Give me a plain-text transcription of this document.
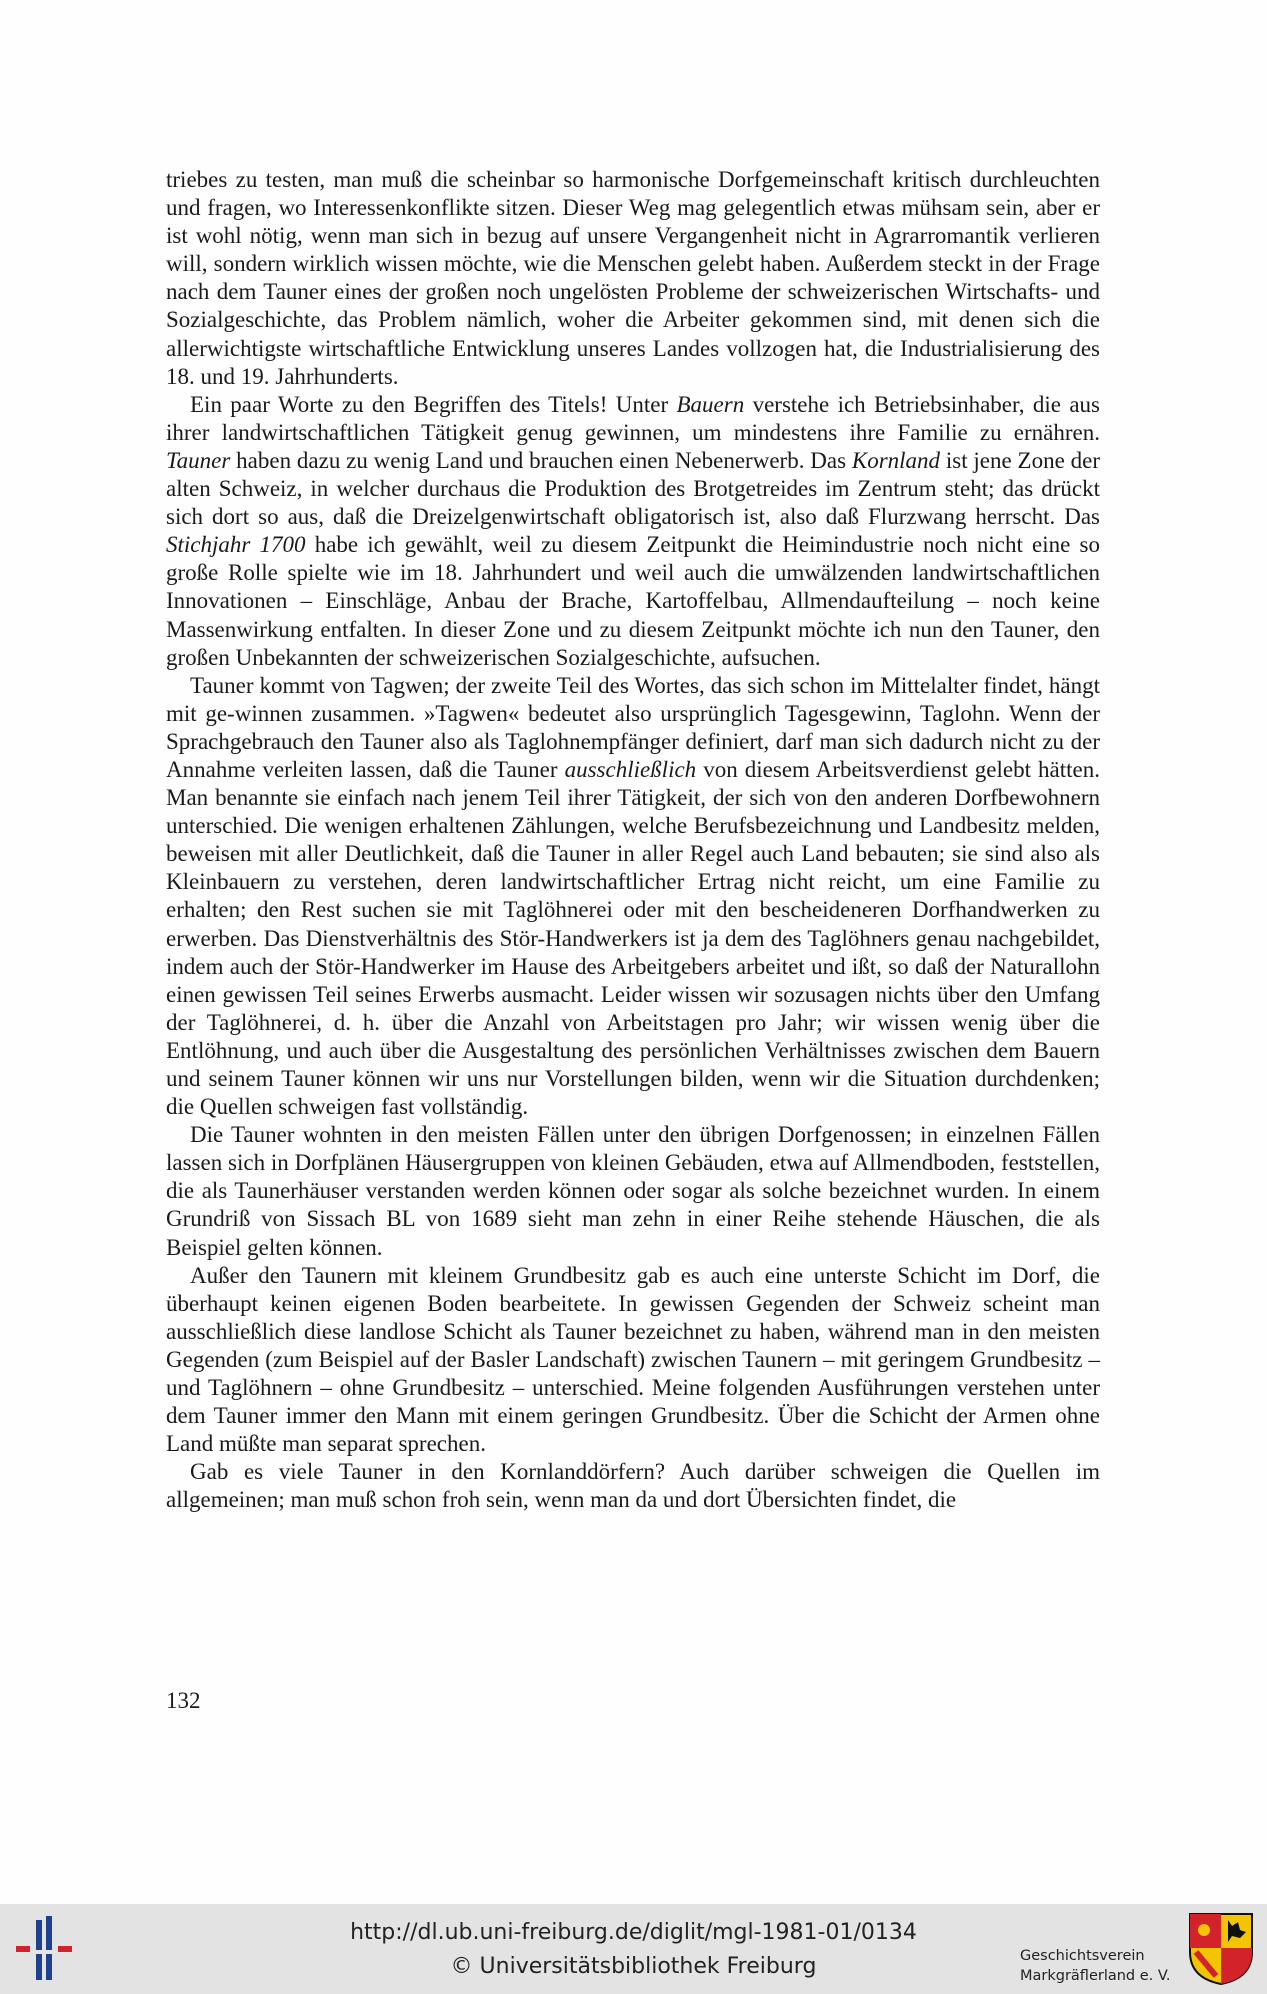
triebes zu testen, man muß die scheinbar so harmonische Dorfgemeinschaft kritisch durchleuchten und fragen, wo Interessenkonflikte sitzen. Dieser Weg mag gelegentlich etwas mühsam sein, aber er ist wohl nötig, wenn man sich in bezug auf unsere Vergangenheit nicht in Agrarromantik verlieren will, sondern wirklich wissen möchte, wie die Menschen gelebt haben. Außerdem steckt in der Frage nach dem Tauner eines der großen noch ungelösten Probleme der schweizerischen Wirtschafts- und Sozialgeschichte, das Problem nämlich, woher die Arbeiter gekommen sind, mit denen sich die allerwichtigste wirtschaftliche Entwicklung unseres Landes vollzogen hat, die Industrialisierung des 18. und 19. Jahrhunderts.

Ein paar Worte zu den Begriffen des Titels! Unter Bauern verstehe ich Betriebsinhaber, die aus ihrer landwirtschaftlichen Tätigkeit genug gewinnen, um mindestens ihre Familie zu ernähren. Tauner haben dazu zu wenig Land und brauchen einen Nebenerwerb. Das Kornland ist jene Zone der alten Schweiz, in welcher durchaus die Produktion des Brotgetreides im Zentrum steht; das drückt sich dort so aus, daß die Dreizelgenwirtschaft obligatorisch ist, also daß Flurzwang herrscht. Das Stichjahr 1700 habe ich gewählt, weil zu diesem Zeitpunkt die Heimindustrie noch nicht eine so große Rolle spielte wie im 18. Jahrhundert und weil auch die umwälzenden landwirtschaftlichen Innovationen – Einschläge, Anbau der Brache, Kartoffelbau, Allmendaufteilung – noch keine Massenwirkung entfalten. In dieser Zone und zu diesem Zeitpunkt möchte ich nun den Tauner, den großen Unbekannten der schweizerischen Sozialgeschichte, aufsuchen.

Tauner kommt von Tagwen; der zweite Teil des Wortes, das sich schon im Mittelalter findet, hängt mit ge-winnen zusammen. »Tagwen« bedeutet also ursprünglich Tagesgewinn, Taglohn. Wenn der Sprachgebrauch den Tauner also als Taglohnempfänger definiert, darf man sich dadurch nicht zu der Annahme verleiten lassen, daß die Tauner ausschließlich von diesem Arbeitsverdienst gelebt hätten. Man benannte sie einfach nach jenem Teil ihrer Tätigkeit, der sich von den anderen Dorfbewohnern unterschied. Die wenigen erhaltenen Zählungen, welche Berufsbezeichnung und Landbesitz melden, beweisen mit aller Deutlichkeit, daß die Tauner in aller Regel auch Land bebauten; sie sind also als Kleinbauern zu verstehen, deren landwirtschaftlicher Ertrag nicht reicht, um eine Familie zu erhalten; den Rest suchen sie mit Taglöhnerei oder mit den bescheideneren Dorfhandwerken zu erwerben. Das Dienstverhältnis des Stör-Handwerkers ist ja dem des Taglöhners genau nachgebildet, indem auch der Stör-Handwerker im Hause des Arbeitgebers arbeitet und ißt, so daß der Naturallohn einen gewissen Teil seines Erwerbs ausmacht. Leider wissen wir sozusagen nichts über den Umfang der Taglöhnerei, d. h. über die Anzahl von Arbeitstagen pro Jahr; wir wissen wenig über die Entlöhnung, und auch über die Ausgestaltung des persönlichen Verhältnisses zwischen dem Bauern und seinem Tauner können wir uns nur Vorstellungen bilden, wenn wir die Situation durchdenken; die Quellen schweigen fast vollständig.

Die Tauner wohnten in den meisten Fällen unter den übrigen Dorfgenossen; in einzelnen Fällen lassen sich in Dorfplänen Häusergruppen von kleinen Gebäuden, etwa auf Allmendboden, feststellen, die als Taunerhäuser verstanden werden können oder sogar als solche bezeichnet wurden. In einem Grundriß von Sissach BL von 1689 sieht man zehn in einer Reihe stehende Häuschen, die als Beispiel gelten können.

Außer den Taunern mit kleinem Grundbesitz gab es auch eine unterste Schicht im Dorf, die überhaupt keinen eigenen Boden bearbeitete. In gewissen Gegenden der Schweiz scheint man ausschließlich diese landlose Schicht als Tauner bezeichnet zu haben, während man in den meisten Gegenden (zum Beispiel auf der Basler Landschaft) zwischen Taunern – mit geringem Grundbesitz – und Taglöhnern – ohne Grundbesitz – unterschied. Meine folgenden Ausführungen verstehen unter dem Tauner immer den Mann mit einem geringen Grundbesitz. Über die Schicht der Armen ohne Land müßte man separat sprechen.

Gab es viele Tauner in den Kornlanddörfern? Auch darüber schweigen die Quellen im allgemeinen; man muß schon froh sein, wenn man da und dort Übersichten findet, die

132
http://dl.ub.uni-freiburg.de/diglit/mgl-1981-01/0134
© Universitätsbibliothek Freiburg	Geschichtsverein
Markgräflerland e. V.
